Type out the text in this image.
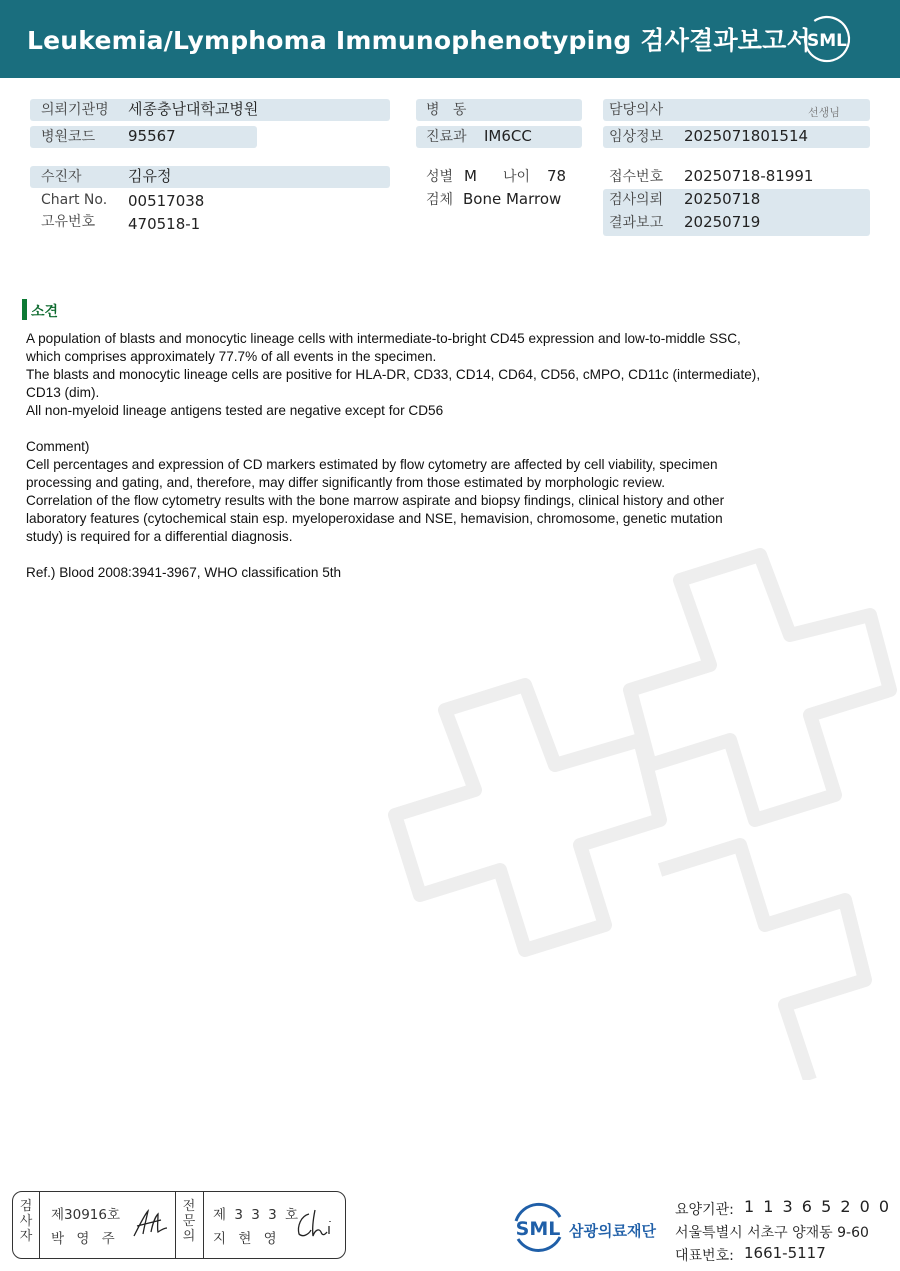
Leukemia/Lymphoma Immunophenotyping 검사결과보고서
SML
의뢰기관명 세종충남대학교병원
병원코드 95567
수진자	김유정
Chart No. 00517038
고유번호 470518-1
병   동
진료과 IM6CC
성별 M 나이 78
검체 Bone Marrow
담당의사	선생님
임상정보 2025071801514
접수번호 20250718-81991
검사의뢰 20250718
결과보고 20250719
소견

A population of blasts and monocytic lineage cells with intermediate-to-bright CD45 expression and low-to-middle SSC,
which comprises approximately 77.7% of all events in the specimen.
The blasts and monocytic lineage cells are positive for HLA-DR, CD33, CD14, CD64, CD56, cMPO, CD11c (intermediate),
CD13 (dim).
All non-myeloid lineage antigens tested are negative except for CD56

Comment)
Cell percentages and expression of CD markers estimated by flow cytometry are affected by cell viability, specimen
processing and gating, and, therefore, may differ significantly from those estimated by morphologic review.
Correlation of the flow cytometry results with the bone marrow aspirate and biopsy findings, clinical history and other
laboratory features (cytochemical stain esp. myeloperoxidase and NSE, hemavision, chromosome, genetic mutation
study) is required for a differential diagnosis.

Ref.) Blood 2008:3941-3967, WHO classification 5th

검
사
자
제30916호
박 영 주
전
문
의
제 3 3 3 호
지 현 영	SML 삼광의료재단
요양기관: 1 1 3 6 5 2 0 0
서울특별시 서초구 양재동 9-60
대표번호: 1661-5117
